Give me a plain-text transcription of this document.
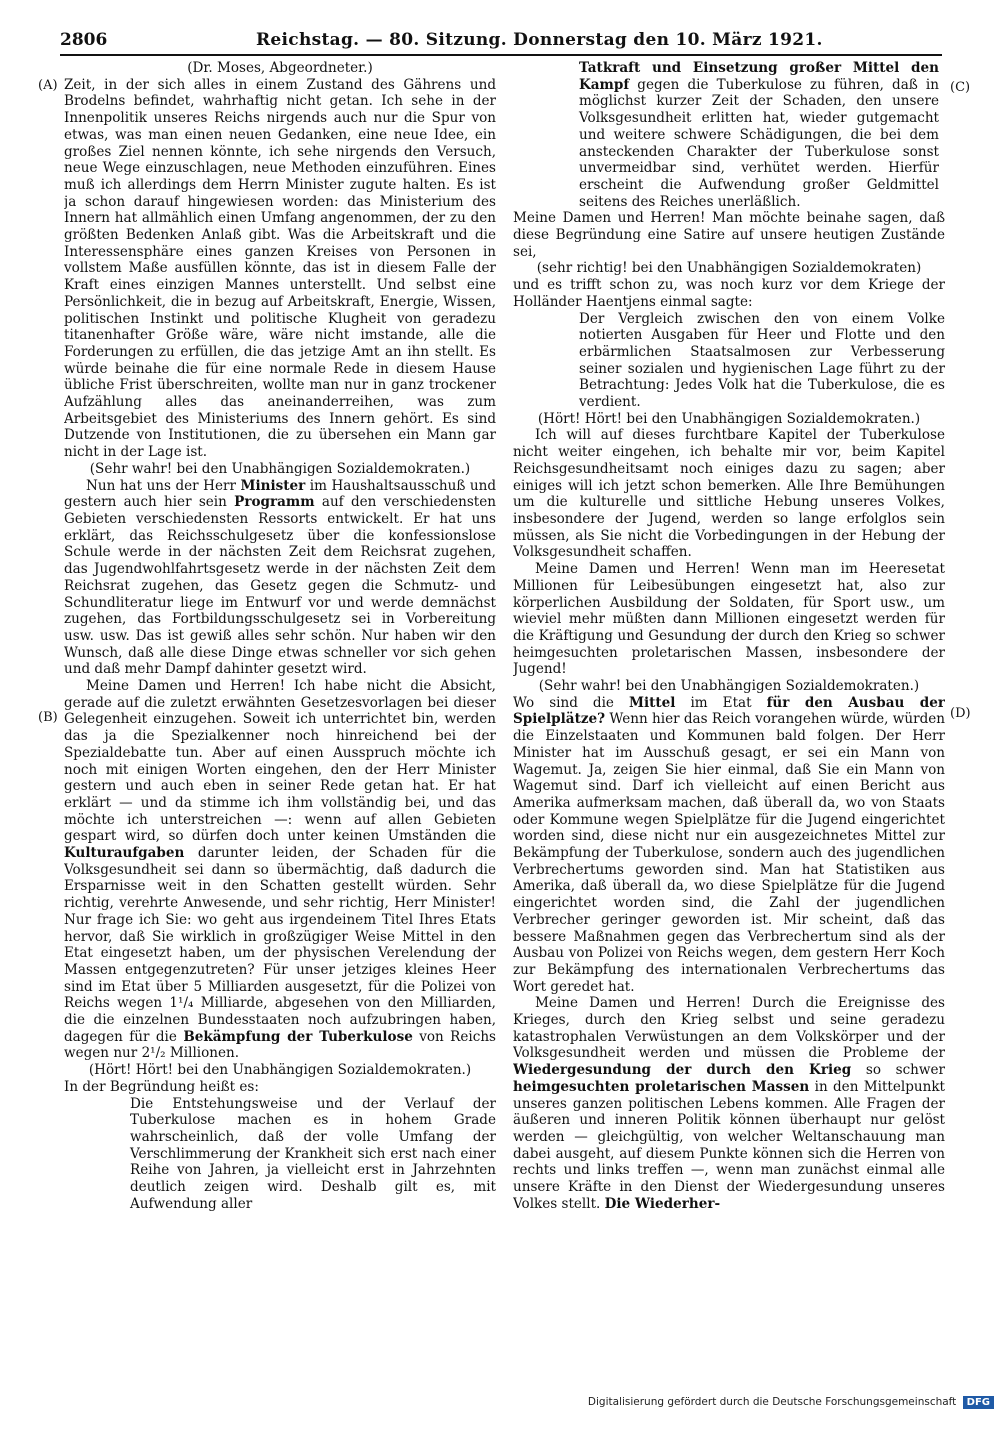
2806	Reichstag. — 80. Sitzung. Donnerstag den 10. März 1921.
(A)
(B)
(C)
(D)

(Dr. Moses, Abgeordneter.)

Zeit, in der sich alles in einem Zustand des Gährens und Brodelns befindet, wahrhaftig nicht getan. Ich sehe in der Innenpolitik unseres Reichs nirgends auch nur die Spur von etwas, was man einen neuen Gedanken, eine neue Idee, ein großes Ziel nennen könnte, ich sehe nirgends den Versuch, neue Wege einzuschlagen, neue Methoden einzuführen. Eines muß ich allerdings dem Herrn Minister zugute halten. Es ist ja schon darauf hingewiesen worden: das Ministerium des Innern hat allmählich einen Umfang angenommen, der zu den größten Bedenken Anlaß gibt. Was die Arbeitskraft und die Interessensphäre eines ganzen Kreises von Personen in vollstem Maße ausfüllen könnte, das ist in diesem Falle der Kraft eines einzigen Mannes unterstellt. Und selbst eine Persönlichkeit, die in bezug auf Arbeitskraft, Energie, Wissen, politischen Instinkt und politische Klugheit von geradezu titanenhafter Größe wäre, wäre nicht imstande, alle die Forderungen zu erfüllen, die das jetzige Amt an ihn stellt. Es würde beinahe die für eine normale Rede in diesem Hause übliche Frist überschreiten, wollte man nur in ganz trockener Aufzählung alles das aneinanderreihen, was zum Arbeitsgebiet des Ministeriums des Innern gehört. Es sind Dutzende von Institutionen, die zu übersehen ein Mann gar nicht in der Lage ist.

(Sehr wahr! bei den Unabhängigen Sozialdemokraten.)

Nun hat uns der Herr Minister im Haushaltsausschuß und gestern auch hier sein Programm auf den verschiedensten Gebieten verschiedensten Ressorts entwickelt. Er hat uns erklärt, das Reichsschulgesetz über die konfessionslose Schule werde in der nächsten Zeit dem Reichsrat zugehen, das Jugendwohlfahrtsgesetz werde in der nächsten Zeit dem Reichsrat zugehen, das Gesetz gegen die Schmutz- und Schundliteratur liege im Entwurf vor und werde demnächst zugehen, das Fortbildungsschulgesetz sei in Vorbereitung usw. usw. Das ist gewiß alles sehr schön. Nur haben wir den Wunsch, daß alle diese Dinge etwas schneller vor sich gehen und daß mehr Dampf dahinter gesetzt wird.

Meine Damen und Herren! Ich habe nicht die Absicht, gerade auf die zuletzt erwähnten Gesetzesvorlagen bei dieser Gelegenheit einzugehen. Soweit ich unterrichtet bin, werden das ja die Spezialkenner noch hinreichend bei der Spezialdebatte tun. Aber auf einen Ausspruch möchte ich noch mit einigen Worten eingehen, den der Herr Minister gestern und auch eben in seiner Rede getan hat. Er hat erklärt — und da stimme ich ihm vollständig bei, und das möchte ich unterstreichen —: wenn auf allen Gebieten gespart wird, so dürfen doch unter keinen Umständen die Kulturaufgaben darunter leiden, der Schaden für die Volksgesundheit sei dann so übermächtig, daß dadurch die Ersparnisse weit in den Schatten gestellt würden. Sehr richtig, verehrte Anwesende, und sehr richtig, Herr Minister! Nur frage ich Sie: wo geht aus irgendeinem Titel Ihres Etats hervor, daß Sie wirklich in großzügiger Weise Mittel in den Etat eingesetzt haben, um der physischen Verelendung der Massen entgegenzutreten? Für unser jetziges kleines Heer sind im Etat über 5 Milliarden ausgesetzt, für die Polizei von Reichs wegen 1¹/₄ Milliarde, abgesehen von den Milliarden, die die einzelnen Bundesstaaten noch aufzubringen haben, dagegen für die Bekämpfung der Tuberkulose von Reichs wegen nur 2¹/₂ Millionen.

(Hört! Hört! bei den Unabhängigen Sozialdemokraten.)

In der Begründung heißt es:

Die Entstehungsweise und der Verlauf der Tuberkulose machen es in hohem Grade wahrscheinlich, daß der volle Umfang der Verschlimmerung der Krankheit sich erst nach einer Reihe von Jahren, ja vielleicht erst in Jahrzehnten deutlich zeigen wird. Deshalb gilt es, mit Aufwendung aller

Tatkraft und Einsetzung großer Mittel den Kampf gegen die Tuberkulose zu führen, daß in möglichst kurzer Zeit der Schaden, den unsere Volksgesundheit erlitten hat, wieder gutgemacht und weitere schwere Schädigungen, die bei dem ansteckenden Charakter der Tuberkulose sonst unvermeidbar sind, verhütet werden. Hierfür erscheint die Aufwendung großer Geldmittel seitens des Reiches unerläßlich.

Meine Damen und Herren! Man möchte beinahe sagen, daß diese Begründung eine Satire auf unsere heutigen Zustände sei,

(sehr richtig! bei den Unabhängigen Sozialdemokraten)

und es trifft schon zu, was noch kurz vor dem Kriege der Holländer Haentjens einmal sagte:

Der Vergleich zwischen den von einem Volke notierten Ausgaben für Heer und Flotte und den erbärmlichen Staatsalmosen zur Verbesserung seiner sozialen und hygienischen Lage führt zu der Betrachtung: Jedes Volk hat die Tuberkulose, die es verdient.

(Hört! Hört! bei den Unabhängigen Sozialdemokraten.)

Ich will auf dieses furchtbare Kapitel der Tuberkulose nicht weiter eingehen, ich behalte mir vor, beim Kapitel Reichsgesundheitsamt noch einiges dazu zu sagen; aber einiges will ich jetzt schon bemerken. Alle Ihre Bemühungen um die kulturelle und sittliche Hebung unseres Volkes, insbesondere der Jugend, werden so lange erfolglos sein müssen, als Sie nicht die Vorbedingungen in der Hebung der Volksgesundheit schaffen.

Meine Damen und Herren! Wenn man im Heeresetat Millionen für Leibesübungen eingesetzt hat, also zur körperlichen Ausbildung der Soldaten, für Sport usw., um wieviel mehr müßten dann Millionen eingesetzt werden für die Kräftigung und Gesundung der durch den Krieg so schwer heimgesuchten proletarischen Massen, insbesondere der Jugend!

(Sehr wahr! bei den Unabhängigen Sozialdemokraten.)

Wo sind die Mittel im Etat für den Ausbau der Spielplätze? Wenn hier das Reich vorangehen würde, würden die Einzelstaaten und Kommunen bald folgen. Der Herr Minister hat im Ausschuß gesagt, er sei ein Mann von Wagemut. Ja, zeigen Sie hier einmal, daß Sie ein Mann von Wagemut sind. Darf ich vielleicht auf einen Bericht aus Amerika aufmerksam machen, daß überall da, wo von Staats oder Kommune wegen Spielplätze für die Jugend eingerichtet worden sind, diese nicht nur ein ausgezeichnetes Mittel zur Bekämpfung der Tuberkulose, sondern auch des jugendlichen Verbrechertums geworden sind. Man hat Statistiken aus Amerika, daß überall da, wo diese Spielplätze für die Jugend eingerichtet worden sind, die Zahl der jugendlichen Verbrecher geringer geworden ist. Mir scheint, daß das bessere Maßnahmen gegen das Verbrechertum sind als der Ausbau von Polizei von Reichs wegen, dem gestern Herr Koch zur Bekämpfung des internationalen Verbrechertums das Wort geredet hat.

Meine Damen und Herren! Durch die Ereignisse des Krieges, durch den Krieg selbst und seine geradezu katastrophalen Verwüstungen an dem Volkskörper und der Volksgesundheit werden und müssen die Probleme der Wiedergesundung der durch den Krieg so schwer heimgesuchten proletarischen Massen in den Mittelpunkt unseres ganzen politischen Lebens kommen. Alle Fragen der äußeren und inneren Politik können überhaupt nur gelöst werden — gleichgültig, von welcher Weltanschauung man dabei ausgeht, auf diesem Punkte können sich die Herren von rechts und links treffen —, wenn man zunächst einmal alle unsere Kräfte in den Dienst der Wiedergesundung unseres Volkes stellt. Die Wiederher-

Digitalisierung gefördert durch die Deutsche Forschungsgemeinschaft DFG
